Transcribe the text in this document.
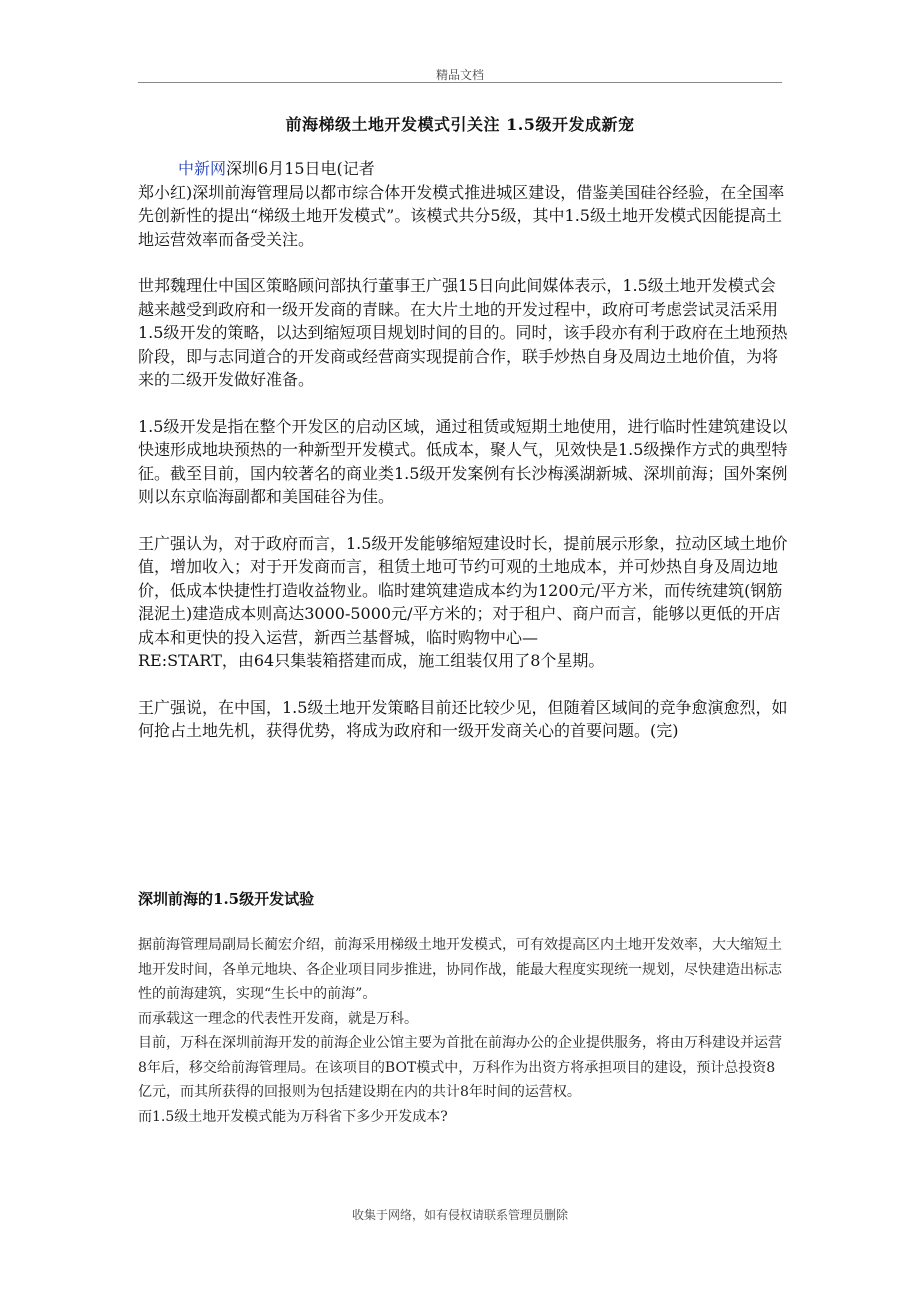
精品文档
前海梯级土地开发模式引关注 1.5级开发成新宠

中新网深圳6月15日电(记者

郑小红)深圳前海管理局以都市综合体开发模式推进城区建设，借鉴美国硅谷经验，在全国率先创新性的提出“梯级土地开发模式”。该模式共分5级，其中1.5级土地开发模式因能提高土地运营效率而备受关注。

世邦魏理仕中国区策略顾问部执行董事王广强15日向此间媒体表示，1.5级土地开发模式会越来越受到政府和一级开发商的青睐。在大片土地的开发过程中，政府可考虑尝试灵活采用1.5级开发的策略，以达到缩短项目规划时间的目的。同时，该手段亦有利于政府在土地预热阶段，即与志同道合的开发商或经营商实现提前合作，联手炒热自身及周边土地价值，为将来的二级开发做好准备。

1.5级开发是指在整个开发区的启动区域，通过租赁或短期土地使用，进行临时性建筑建设以快速形成地块预热的一种新型开发模式。低成本，聚人气，见效快是1.5级操作方式的典型特征。截至目前，国内较著名的商业类1.5级开发案例有长沙梅溪湖新城、深圳前海；国外案例则以东京临海副都和美国硅谷为佳。

王广强认为，对于政府而言，1.5级开发能够缩短建设时长，提前展示形象，拉动区域土地价值，增加收入；对于开发商而言，租赁土地可节约可观的土地成本，并可炒热自身及周边地价，低成本快捷性打造收益物业。临时建筑建造成本约为1200元/平方米，而传统建筑(钢筋混泥土)建造成本则高达3000-5000元/平方米的；对于租户、商户而言，能够以更低的开店成本和更快的投入运营，新西兰基督城，临时购物中心—

RE:START，由64只集装箱搭建而成，施工组装仅用了8个星期。

王广强说，在中国，1.5级土地开发策略目前还比较少见，但随着区域间的竞争愈演愈烈，如何抢占土地先机，获得优势，将成为政府和一级开发商关心的首要问题。(完)

深圳前海的1.5级开发试验

据前海管理局副局长蔺宏介绍，前海采用梯级土地开发模式，可有效提高区内土地开发效率，大大缩短土地开发时间，各单元地块、各企业项目同步推进，协同作战，能最大程度实现统一规划，尽快建造出标志性的前海建筑，实现“生长中的前海”。

而承载这一理念的代表性开发商，就是万科。

目前，万科在深圳前海开发的前海企业公馆主要为首批在前海办公的企业提供服务，将由万科建设并运营8年后，移交给前海管理局。在该项目的BOT模式中，万科作为出资方将承担项目的建设，预计总投资8亿元，而其所获得的回报则为包括建设期在内的共计8年时间的运营权。

而1.5级土地开发模式能为万科省下多少开发成本?

收集于网络，如有侵权请联系管理员删除
